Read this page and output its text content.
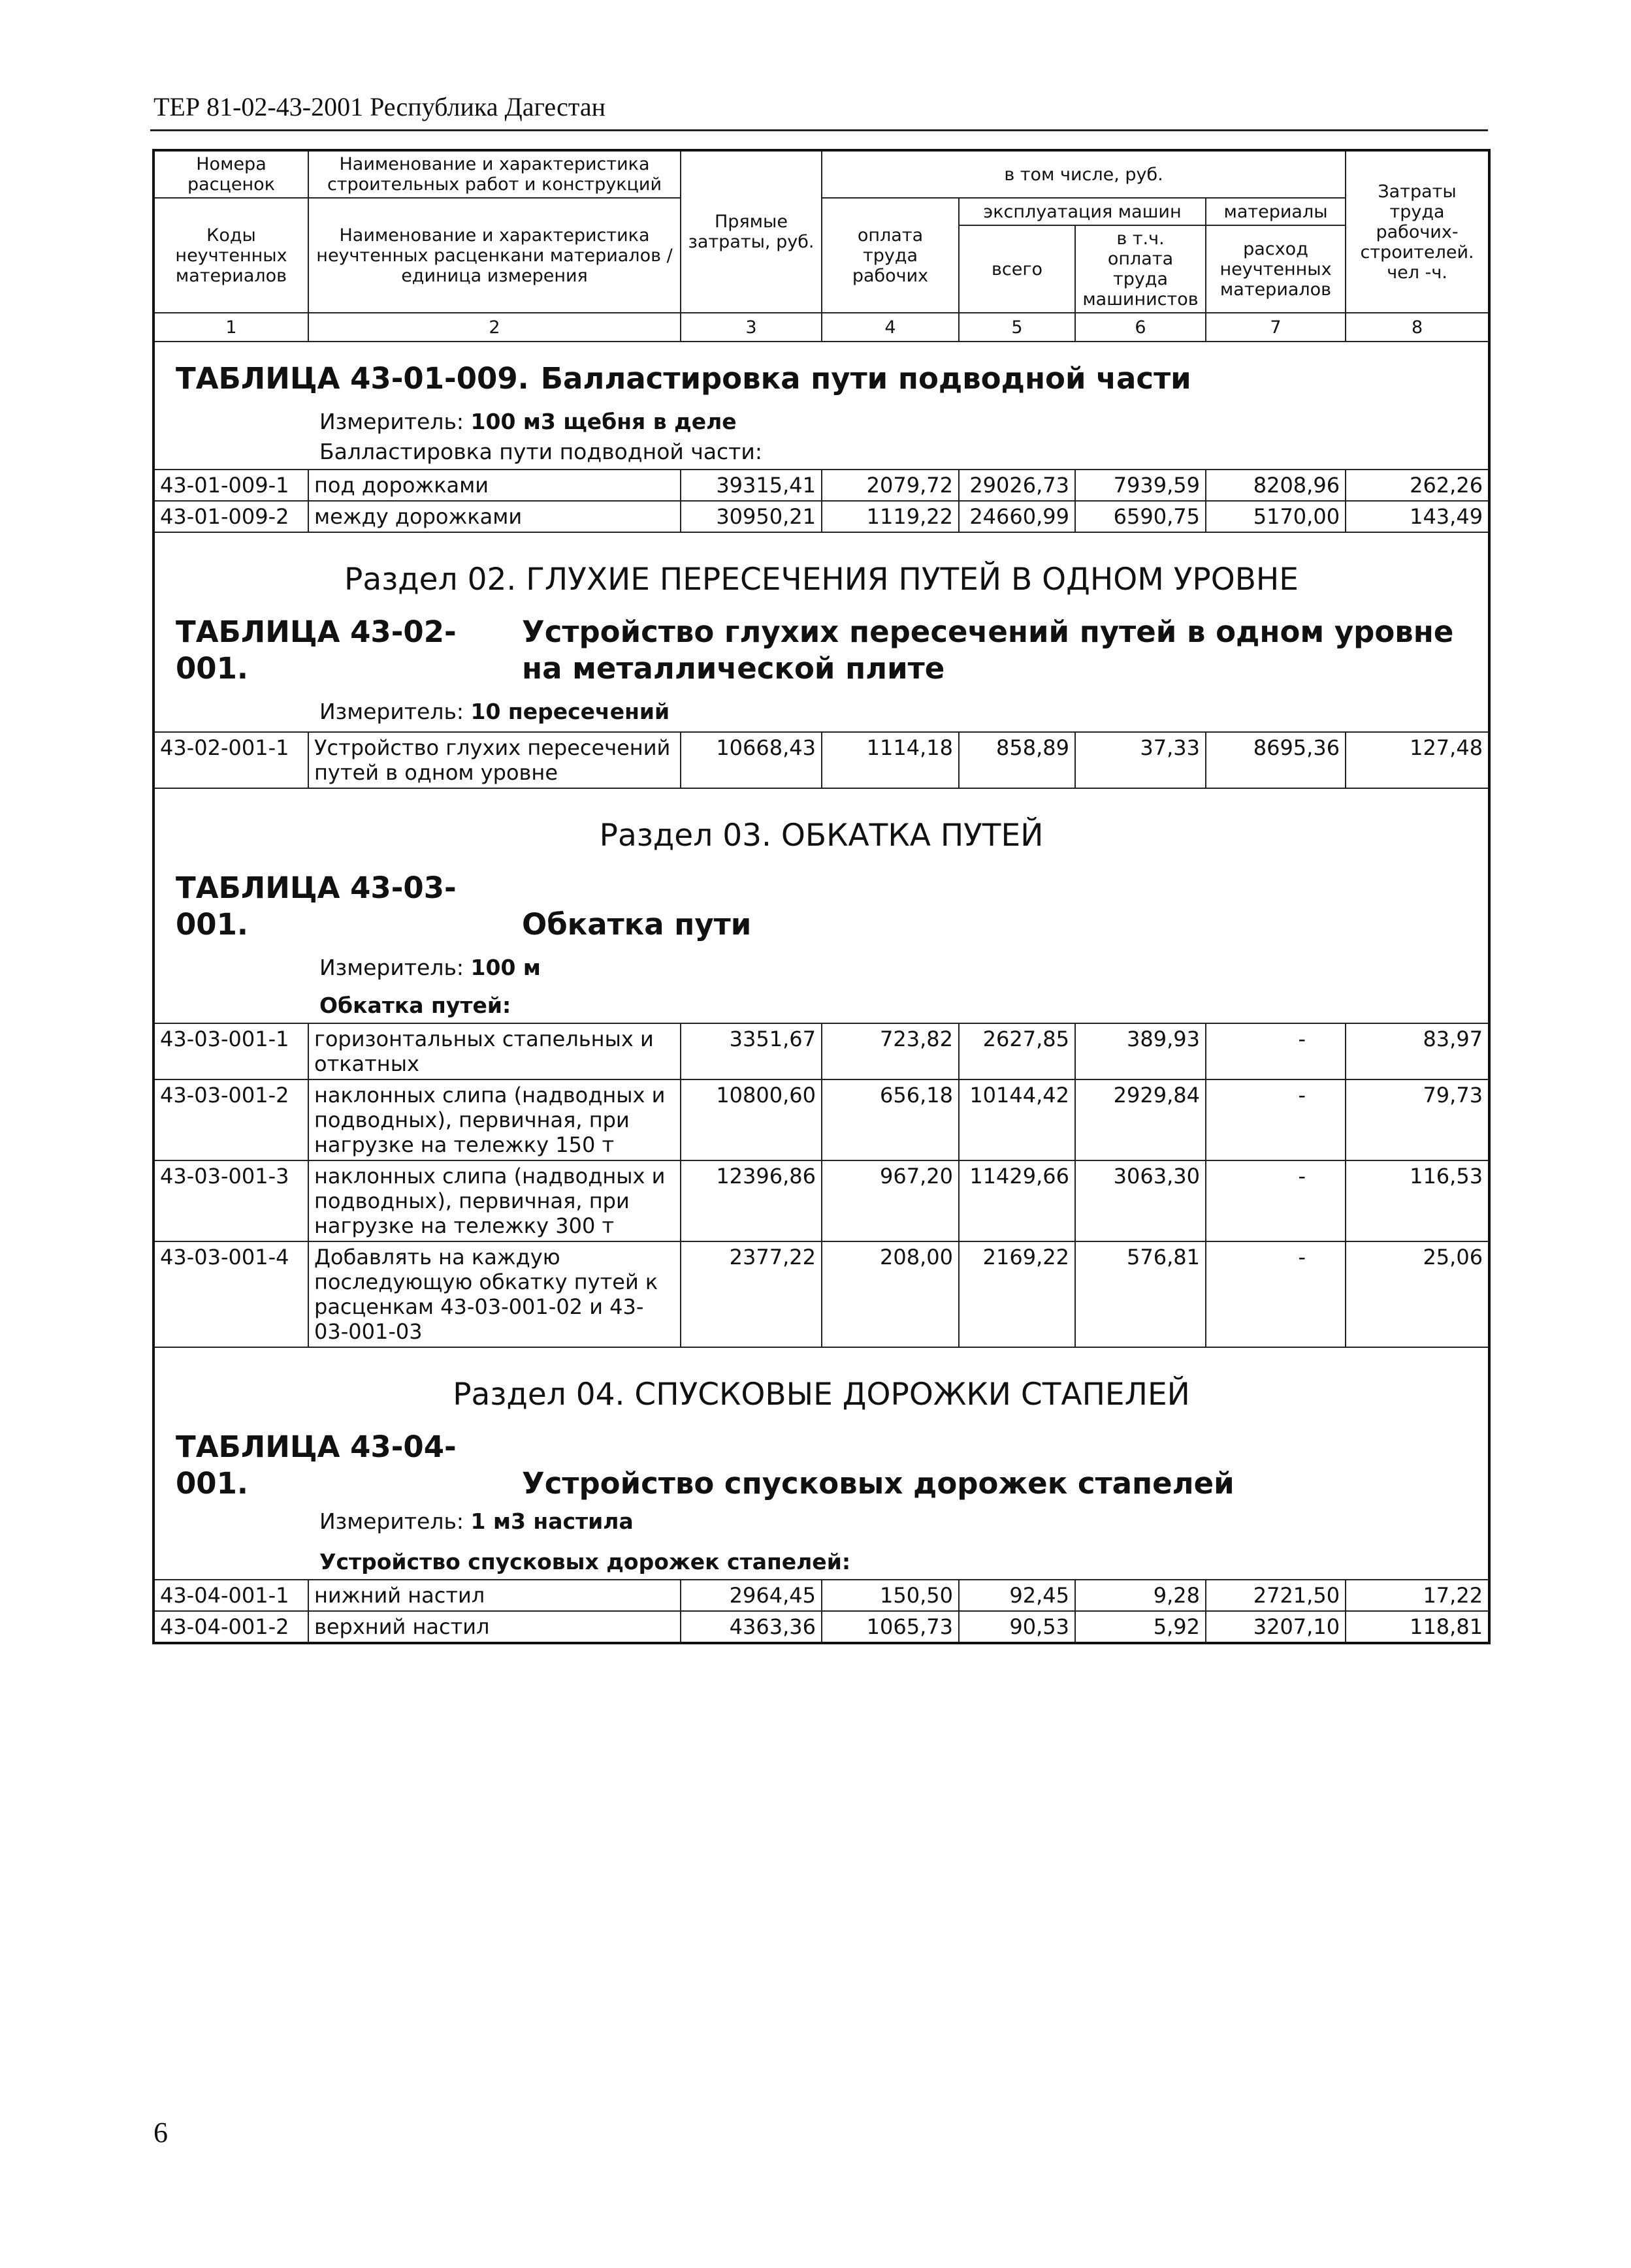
ТЕР 81-02-43-2001 Республика Дагестан
Номера расценок	Наименование и характеристика строительных работ и конструкций	Прямые затраты, руб.	в том числе, руб.				Затраты труда рабочих-строителей. чел -ч.
Коды неучтенных материалов	Наименование и характеристика неучтенных расценкани материалов / единица измерения		оплата труда рабочих	эксплуатация машин		материалы	
				всего	в т.ч. оплата труда машинистов	расход неучтенных материалов	
1	2	3	4	5	6	7	8

ТАБЛИЦА 43-01-009. Балластировка пути подводной части
Измеритель: 100 м3 щебня в деле
Балластировка пути подводной части:							

43-01-009-1	под дорожками	39315,41	2079,72	29026,73	7939,59	8208,96	262,26
43-01-009-2	между дорожками	30950,21	1119,22	24660,99	6590,75	5170,00	143,49

Раздел 02. ГЛУХИЕ ПЕРЕСЕЧЕНИЯ ПУТЕЙ В ОДНОМ УРОВНЕ
ТАБЛИЦА 43-02-001.Устройство глухих пересечений путей в одном уровне на металлической плите
Измеритель: 10 пересечений							

43-02-001-1	Устройство глухих пересечений путей в одном уровне	10668,43	1114,18	858,89	37,33	8695,36	127,48

Раздел 03. ОБКАТКА ПУТЕЙ
ТАБЛИЦА 43-03-001. Обкатка пути
Измеритель: 100 м
Обкатка путей:							

43-03-001-1	горизонтальных стапельных и откатных	3351,67	723,82	2627,85	389,93	-	83,97
43-03-001-2	наклонных слипа (надводных и подводных), первичная, при нагрузке на тележку 150 т	10800,60	656,18	10144,42	2929,84	-	79,73
43-03-001-3	наклонных слипа (надводных и подводных), первичная, при нагрузке на тележку 300 т	12396,86	967,20	11429,66	3063,30	-	116,53
43-03-001-4	Добавлять на каждую последующую обкатку путей к расценкам 43-03-001-02 и 43-03-001-03	2377,22	208,00	2169,22	576,81	-	25,06

Раздел 04. СПУСКОВЫЕ ДОРОЖКИ СТАПЕЛЕЙ
ТАБЛИЦА 43-04-001. Устройство спусковых дорожек стапелей
Измеритель: 1 м3 настила
Устройство спусковых дорожек стапелей:							

43-04-001-1	нижний настил	2964,45	150,50	92,45	9,28	2721,50	17,22
43-04-001-2	верхний настил	4363,36	1065,73	90,53	5,92	3207,10	118,81
6
